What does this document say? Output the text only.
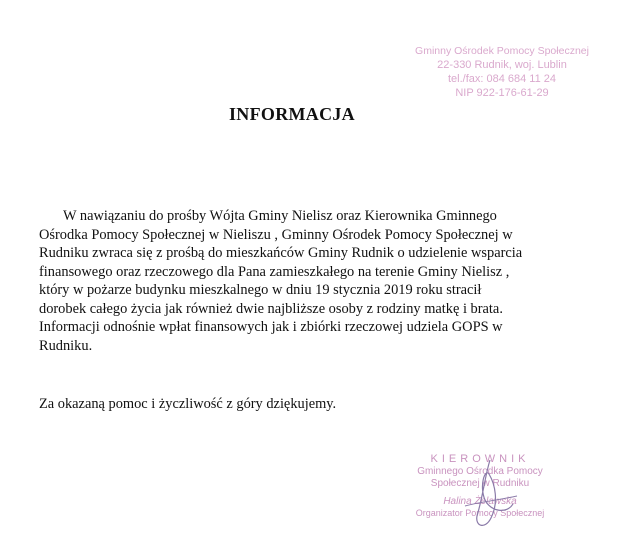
Gminny Ośrodek Pomocy Społecznej
22-330 Rudnik, woj. Lublin
tel./fax: 084 684 11 24
NIP 922-176-61-29
INFORMACJA
W nawiązaniu do prośby Wójta Gminy Nielisz oraz Kierownika Gminnego
Ośrodka Pomocy Społecznej w Nieliszu , Gminny Ośrodek Pomocy Społecznej w
Rudniku zwraca się z prośbą do mieszkańców Gminy Rudnik o udzielenie wsparcia
finansowego oraz rzeczowego dla Pana zamieszkałego na terenie Gminy Nielisz ,
który w pożarze budynku mieszkalnego w dniu 19 stycznia 2019 roku stracił
dorobek całego życia jak również dwie najbliższe osoby z rodziny matkę i brata.
Informacji odnośnie wpłat finansowych jak i zbiórki rzeczowej udziela GOPS w
Rudniku.
Za okazaną pomoc i życzliwość z góry dziękujemy.
KIEROWNIK
Gminnego Ośrodka Pomocy
Społecznej w Rudniku
Halina Żelawska
Organizator Pomocy Społecznej
